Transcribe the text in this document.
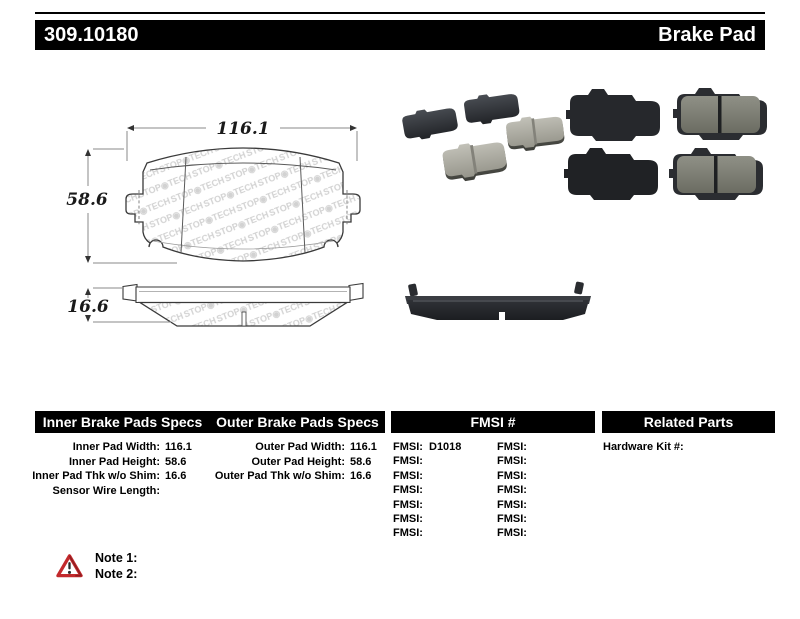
309.10180	Brake Pad
116.1
58.6
16.6
Inner Brake Pads Specs Outer Brake Pads Specs	FMSI #	Related Parts
Inner Pad Width: 116.1
Inner Pad Height: 58.6
Inner Pad Thk w/o Shim: 16.6
Sensor Wire Length:
Outer Pad Width: 116.1
Outer Pad Height: 58.6
Outer Pad Thk w/o Shim: 16.6
FMSI: D1018	FMSI:
FMSI:	FMSI:
FMSI:	FMSI:
FMSI:	FMSI:
FMSI:	FMSI:
FMSI:	FMSI:
FMSI:	FMSI:
Hardware Kit #:
Note 1:
Note 2:
